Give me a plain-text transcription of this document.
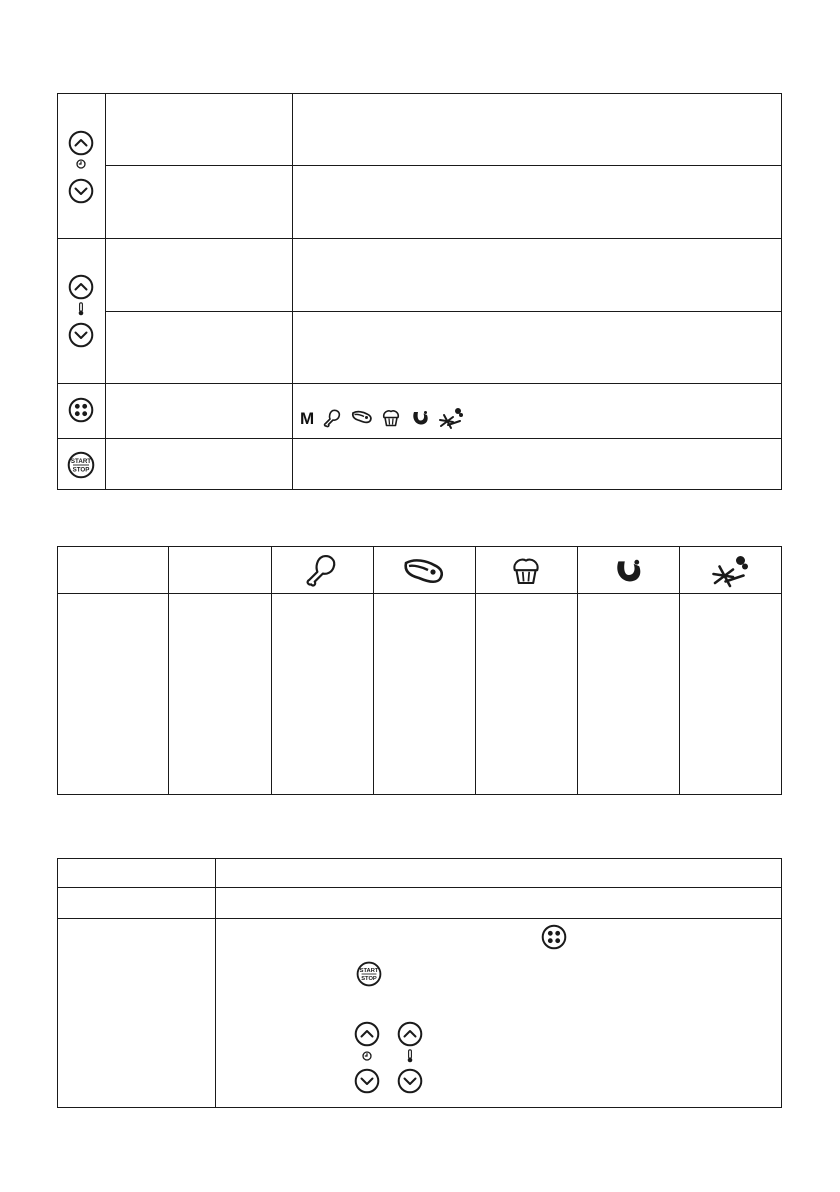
START
STOP
M
START
STOP
